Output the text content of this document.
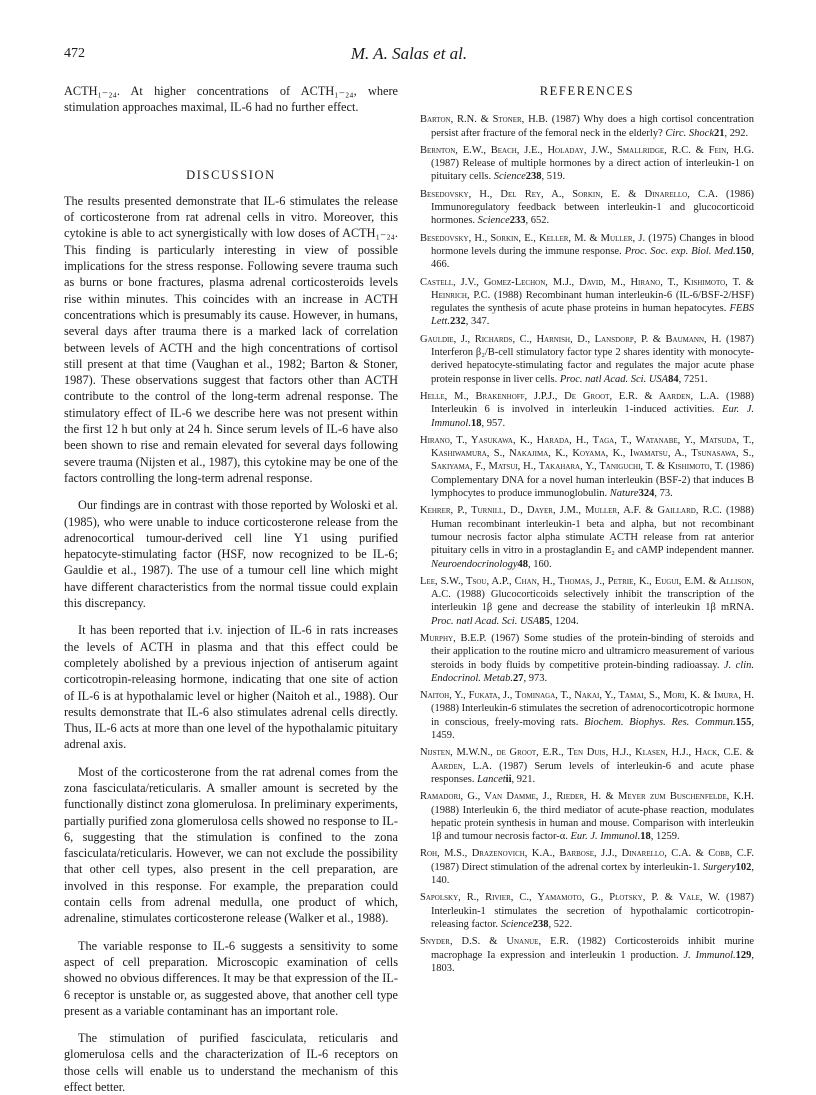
472	M. A. Salas et al.

ACTH₁₋₂₄. At higher concentrations of ACTH₁₋₂₄, where stimulation approaches maximal, IL-6 had no further effect.

DISCUSSION

The results presented demonstrate that IL-6 stimulates the release of corticosterone from rat adrenal cells in vitro. Moreover, this cytokine is able to act synergistically with low doses of ACTH₁₋₂₄. This finding is particularly interesting in view of possible implications for the stress response. Following severe trauma such as burns or bone fractures, plasma adrenal corticosteroids levels rise within minutes. This coincides with an increase in ACTH concentrations which is presumably its cause. However, in humans, several days after trauma there is a marked lack of correlation between levels of ACTH and the high concentrations of cortisol still present at that time (Vaughan et al., 1982; Barton & Stoner, 1987). These observations suggest that factors other than ACTH contribute to the control of the long-term adrenal response. The stimulatory effect of IL-6 we describe here was not present within the first 12 h but only at 24 h. Since serum levels of IL-6 have also been shown to rise and remain elevated for several days following severe trauma (Nijsten et al., 1987), this cytokine may be one of the factors controlling the long-term adrenal response.

Our findings are in contrast with those reported by Woloski et al. (1985), who were unable to induce corticosterone release from the adrenocortical tumour-derived cell line Y1 using purified hepatocyte-stimulating factor (HSF, now recognized to be IL-6; Gauldie et al., 1987). The use of a tumour cell line which might have different characteristics from the normal tissue could explain this discrepancy.

It has been reported that i.v. injection of IL-6 in rats increases the levels of ACTH in plasma and that this effect could be completely abolished by a previous injection of antiserum againt corticotropin-releasing hormone, indicating that one site of action of IL-6 is at hypothalamic level or higher (Naitoh et al., 1988). Our results demonstrate that IL-6 also stimulates adrenal cells directly. Thus, IL-6 acts at more than one level of the hypothalamic pituitary adrenal axis.

Most of the corticosterone from the rat adrenal comes from the zona fasciculata/reticularis. A smaller amount is secreted by the functionally distinct zona glomerulosa. In preliminary experiments, partially purified zona glomerulosa cells showed no response to IL-6, suggesting that the stimulation is confined to the zona fasciculata/reticularis. However, we can not exclude the possibility that other cell types, also present in the cell preparation, are involved in this response. For example, the preparation could contain cells from adrenal medulla, one product of which, adrenaline, stimulates corticosterone release (Walker et al., 1988).

The variable response to IL-6 suggests a sensitivity to some aspect of cell preparation. Microscopic examination of cells showed no obvious differences. It may be that expression of the IL-6 receptor is unstable or, as suggested above, that another cell type present as a variable contaminant has an important role.

The stimulation of purified fasciculata, reticularis and glomerulosa cells and the characterization of IL-6 receptors on those cells will enable us to understand the mechanism of this effect better.

REFERENCES
Barton, R.N. & Stoner, H.B. (1987) Why does a high cortisol concentration persist after fracture of the femoral neck in the elderly? Circ. Shock21, 292.
Bernton, E.W., Beach, J.E., Holaday, J.W., Smallridge, R.C. & Fein, H.G. (1987) Release of multiple hormones by a direct action of interleukin-1 on pituitary cells. Science238, 519.
Besedovsky, H., Del Rey, A., Sorkin, E. & Dinarello, C.A. (1986) Immunoregulatory feedback between interleukin-1 and glucocorticoid hormones. Science233, 652.
Besedovsky, H., Sorkin, E., Keller, M. & Muller, J. (1975) Changes in blood hormone levels during the immune response. Proc. Soc. exp. Biol. Med.150, 466.
Castell, J.V., Gomez-Lechon, M.J., David, M., Hirano, T., Kishimoto, T. & Heinrich, P.C. (1988) Recombinant human interleukin-6 (IL-6/BSF-2/HSF) regulates the synthesis of acute phase proteins in human hepatocytes. FEBS Lett.232, 347.
Gauldie, J., Richards, C., Harnish, D., Lansdorp, P. & Baumann, H. (1987) Interferon β₂/B-cell stimulatory factor type 2 shares identity with monocyte-derived hepatocyte-stimulating factor and regulates the major acute phase protein response in liver cells. Proc. natl Acad. Sci. USA84, 7251.
Helle, M., Brakenhoff, J.P.J., De Groot, E.R. & Aarden, L.A. (1988) Interleukin 6 is involved in interleukin 1-induced activities. Eur. J. Immunol.18, 957.
Hirano, T., Yasukawa, K., Harada, H., Taga, T., Watanabe, Y., Matsuda, T., Kashiwamura, S., Nakajima, K., Koyama, K., Iwamatsu, A., Tsunasawa, S., Sakiyama, F., Matsui, H., Takahara, Y., Taniguchi, T. & Kishimoto, T. (1986) Complementary DNA for a novel human interleukin (BSF-2) that induces B lymphocytes to produce immunoglobulin. Nature324, 73.
Kehrer, P., Turnill, D., Dayer, J.M., Muller, A.F. & Gaillard, R.C. (1988) Human recombinant interleukin-1 beta and alpha, but not recombinant tumour necrosis factor alpha stimulate ACTH release from rat anterior pituitary cells in vitro in a prostaglandin E₂ and cAMP independent manner. Neuroendocrinology48, 160.
Lee, S.W., Tsou, A.P., Chan, H., Thomas, J., Petrie, K., Eugui, E.M. & Allison, A.C. (1988) Glucocorticoids selectively inhibit the transcription of the interleukin 1β gene and decrease the stability of interleukin 1β mRNA. Proc. natl Acad. Sci. USA85, 1204.
Murphy, B.E.P. (1967) Some studies of the protein-binding of steroids and their application to the routine micro and ultramicro measurement of various steroids in body fluids by competitive protein-binding radioassay. J. clin. Endocrinol. Metab.27, 973.
Naitoh, Y., Fukata, J., Tominaga, T., Nakai, Y., Tamai, S., Mori, K. & Imura, H. (1988) Interleukin-6 stimulates the secretion of adrenocorticotropic hormone in conscious, freely-moving rats. Biochem. Biophys. Res. Commun.155, 1459.
Nijsten, M.W.N., de Groot, E.R., Ten Duis, H.J., Klasen, H.J., Hack, C.E. & Aarden, L.A. (1987) Serum levels of interleukin-6 and acute phase responses. Lancetii, 921.
Ramadori, G., Van Damme, J., Rieder, H. & Meyer zum Buschenfelde, K.H. (1988) Interleukin 6, the third mediator of acute-phase reaction, modulates hepatic protein synthesis in human and mouse. Comparison with interleukin 1β and tumour necrosis factor-α. Eur. J. Immunol.18, 1259.
Roh, M.S., Drazenovich, K.A., Barbose, J.J., Dinarello, C.A. & Cobb, C.F. (1987) Direct stimulation of the adrenal cortex by interleukin-1. Surgery102, 140.
Sapolsky, R., Rivier, C., Yamamoto, G., Plotsky, P. & Vale, W. (1987) Interleukin-1 stimulates the secretion of hypothalamic corticotropin-releasing factor. Science238, 522.
Snyder, D.S. & Unanue, E.R. (1982) Corticosteroids inhibit murine macrophage Ia expression and interleukin 1 production. J. Immunol.129, 1803.
